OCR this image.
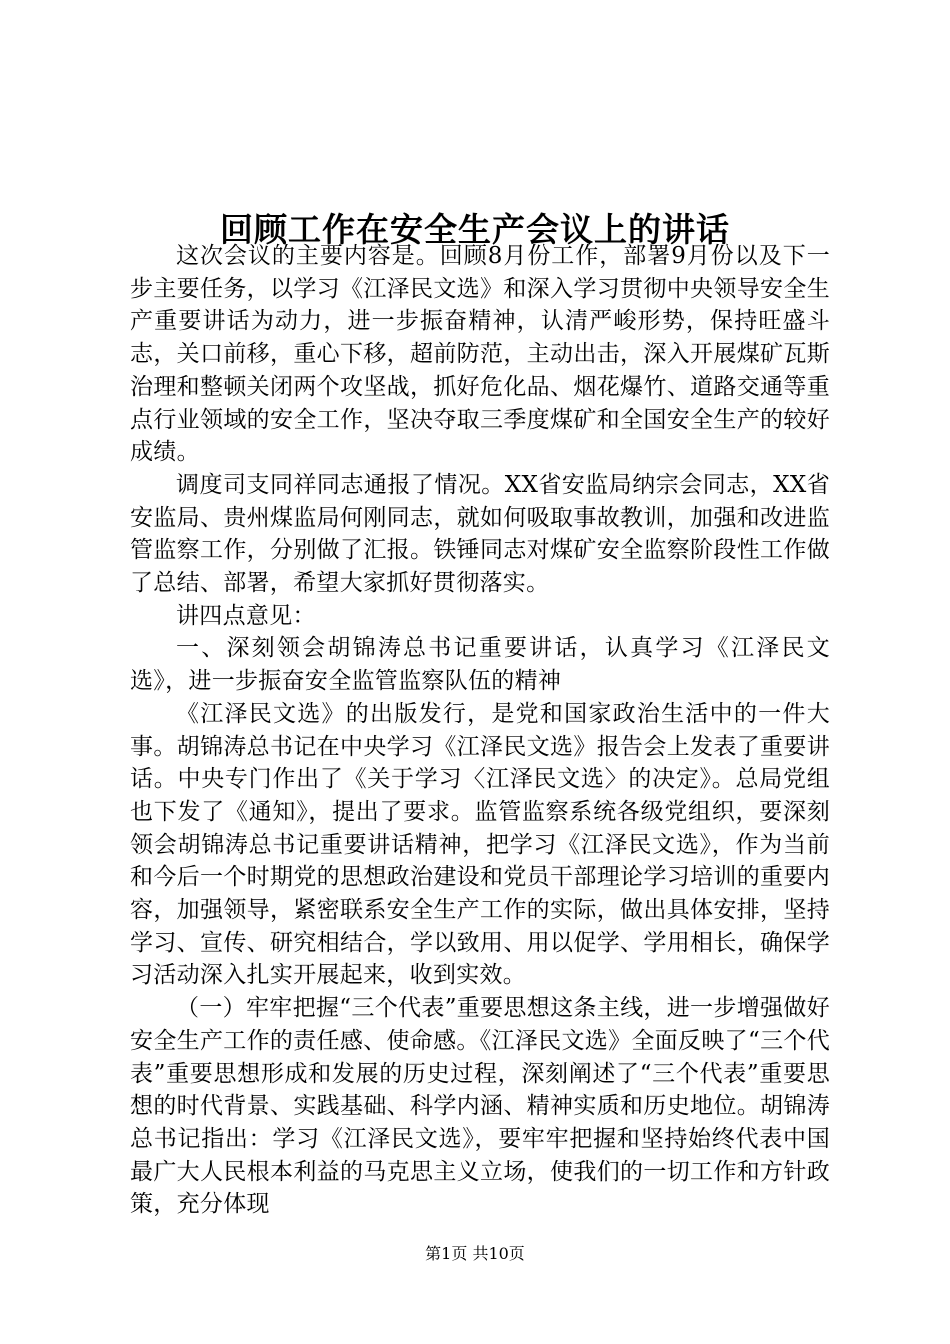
回顾工作在安全生产会议上的讲话

这次会议的主要内容是。回顾8月份工作，部署9月份以及下一步主要任务，以学习《江泽民文选》和深入学习贯彻中央领导安全生产重要讲话为动力，进一步振奋精神，认清严峻形势，保持旺盛斗志，关口前移，重心下移，超前防范，主动出击，深入开展煤矿瓦斯治理和整顿关闭两个攻坚战，抓好危化品、烟花爆竹、道路交通等重点行业领域的安全工作，坚决夺取三季度煤矿和全国安全生产的较好成绩。

调度司支同祥同志通报了情况。XX省安监局纳宗会同志，XX省安监局、贵州煤监局何刚同志，就如何吸取事故教训，加强和改进监管监察工作，分别做了汇报。铁锤同志对煤矿安全监察阶段性工作做了总结、部署，希望大家抓好贯彻落实。

讲四点意见：

一、深刻领会胡锦涛总书记重要讲话，认真学习《江泽民文选》，进一步振奋安全监管监察队伍的精神

《江泽民文选》的出版发行，是党和国家政治生活中的一件大事。胡锦涛总书记在中央学习《江泽民文选》报告会上发表了重要讲话。中央专门作出了《关于学习〈江泽民文选〉的决定》。总局党组也下发了《通知》，提出了要求。监管监察系统各级党组织，要深刻领会胡锦涛总书记重要讲话精神，把学习《江泽民文选》，作为当前和今后一个时期党的思想政治建设和党员干部理论学习培训的重要内容，加强领导，紧密联系安全生产工作的实际，做出具体安排，坚持学习、宣传、研究相结合，学以致用、用以促学、学用相长，确保学习活动深入扎实开展起来，收到实效。

（一）牢牢把握“三个代表”重要思想这条主线，进一步增强做好安全生产工作的责任感、使命感。《江泽民文选》全面反映了“三个代表”重要思想形成和发展的历史过程，深刻阐述了“三个代表”重要思想的时代背景、实践基础、科学内涵、精神实质和历史地位。胡锦涛总书记指出：学习《江泽民文选》，要牢牢把握和坚持始终代表中国最广大人民根本利益的马克思主义立场，使我们的一切工作和方针政策，充分体现

第1页 共10页
